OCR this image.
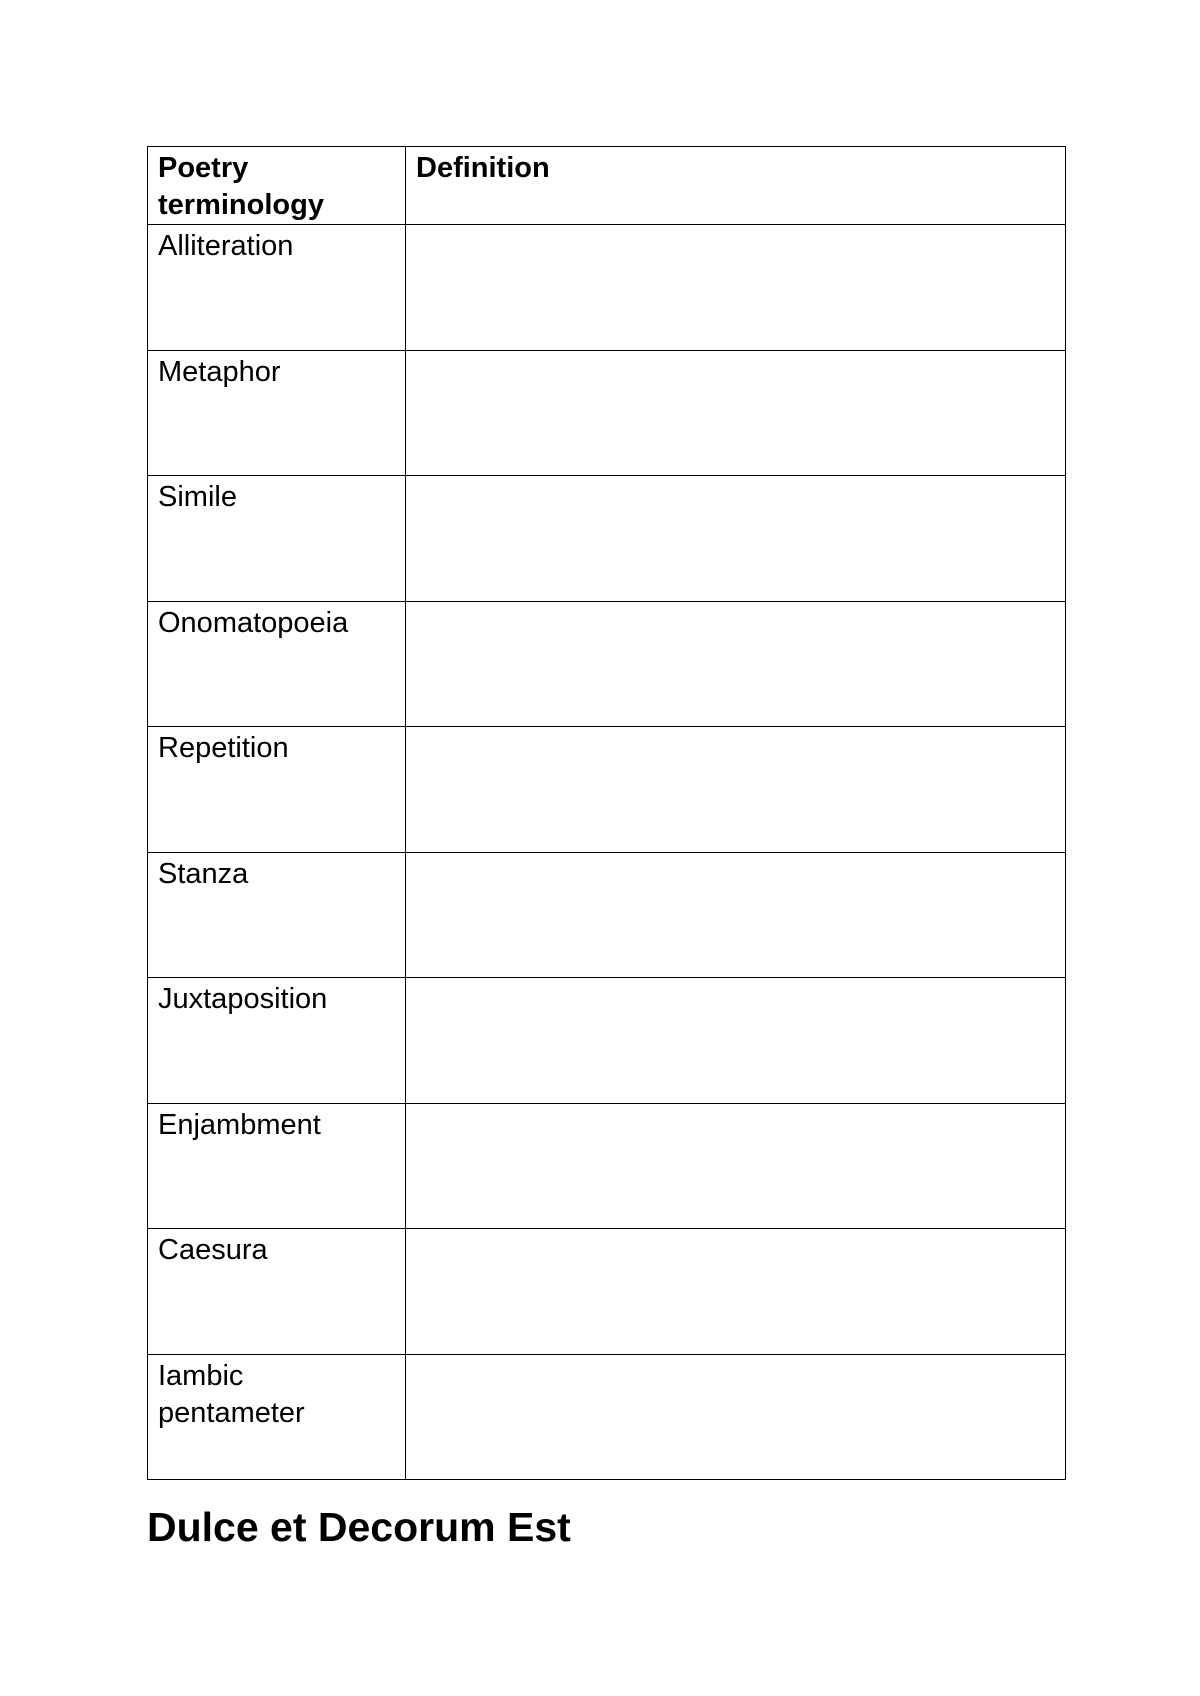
Poetry terminology	Definition
Alliteration	
Metaphor	
Simile	
Onomatopoeia	
Repetition	
Stanza	
Juxtaposition	
Enjambment	
Caesura	
Iambic pentameter	
Dulce et Decorum Est
